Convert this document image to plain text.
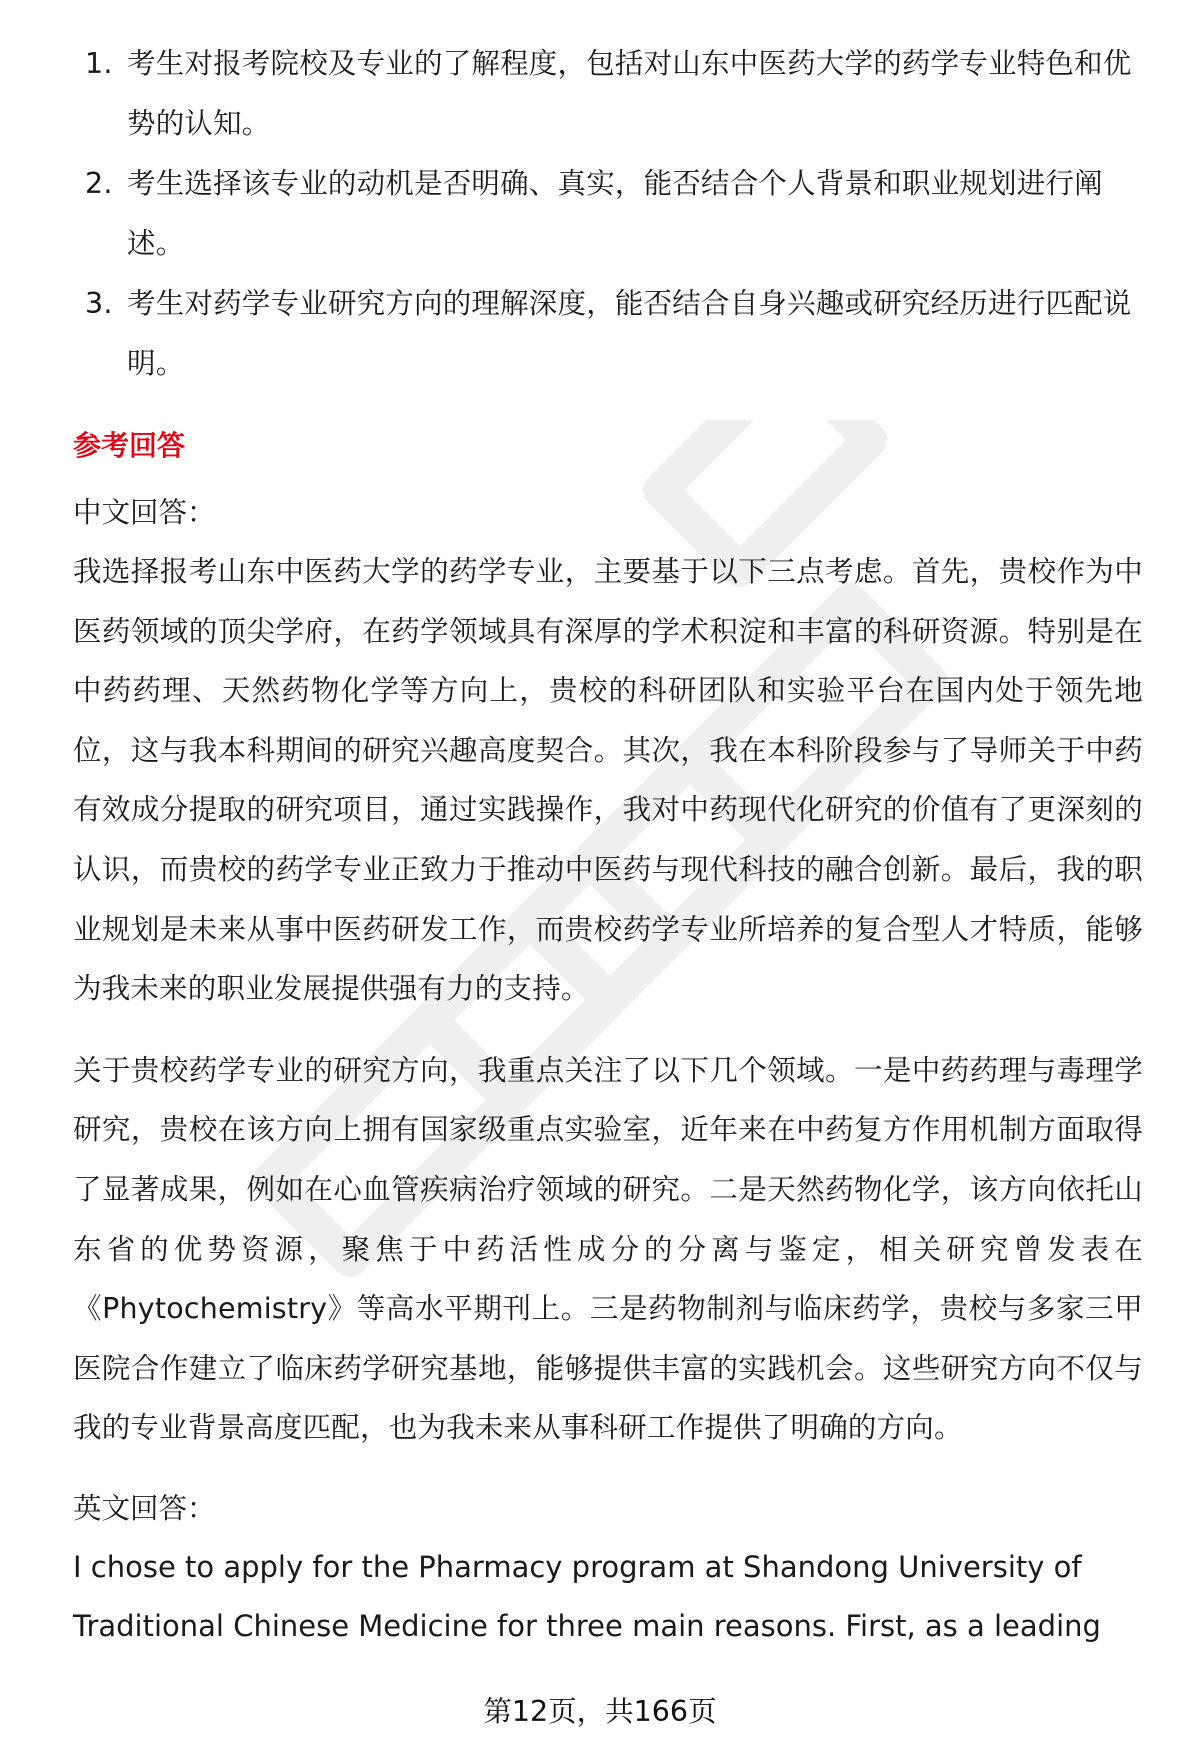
1. 考生对报考院校及专业的了解程度，包括对山东中医药大学的药学专业特色和优势的认知。
2. 考生选择该专业的动机是否明确、真实，能否结合个人背景和职业规划进行阐述。
3. 考生对药学专业研究方向的理解深度，能否结合自身兴趣或研究经历进行匹配说明。
参考回答
中文回答：

我选择报考山东中医药大学的药学专业，主要基于以下三点考虑。首先，贵校作为中医药领域的顶尖学府，在药学领域具有深厚的学术积淀和丰富的科研资源。特别是在中药药理、天然药物化学等方向上，贵校的科研团队和实验平台在国内处于领先地位，这与我本科期间的研究兴趣高度契合。其次，我在本科阶段参与了导师关于中药有效成分提取的研究项目，通过实践操作，我对中药现代化研究的价值有了更深刻的认识，而贵校的药学专业正致力于推动中医药与现代科技的融合创新。最后，我的职业规划是未来从事中医药研发工作，而贵校药学专业所培养的复合型人才特质，能够为我未来的职业发展提供强有力的支持。

关于贵校药学专业的研究方向，我重点关注了以下几个领域。一是中药药理与毒理学研究，贵校在该方向上拥有国家级重点实验室，近年来在中药复方作用机制方面取得了显著成果，例如在心血管疾病治疗领域的研究。二是天然药物化学，该方向依托山东省的优势资源，聚焦于中药活性成分的分离与鉴定，相关研究曾发表在《Phytochemistry》等高水平期刊上。三是药物制剂与临床药学，贵校与多家三甲医院合作建立了临床药学研究基地，能够提供丰富的实践机会。这些研究方向不仅与我的专业背景高度匹配，也为我未来从事科研工作提供了明确的方向。

英文回答：

I chose to apply for the Pharmacy program at Shandong University of Traditional Chinese Medicine for three main reasons. First, as a leading

第12页，共166页
